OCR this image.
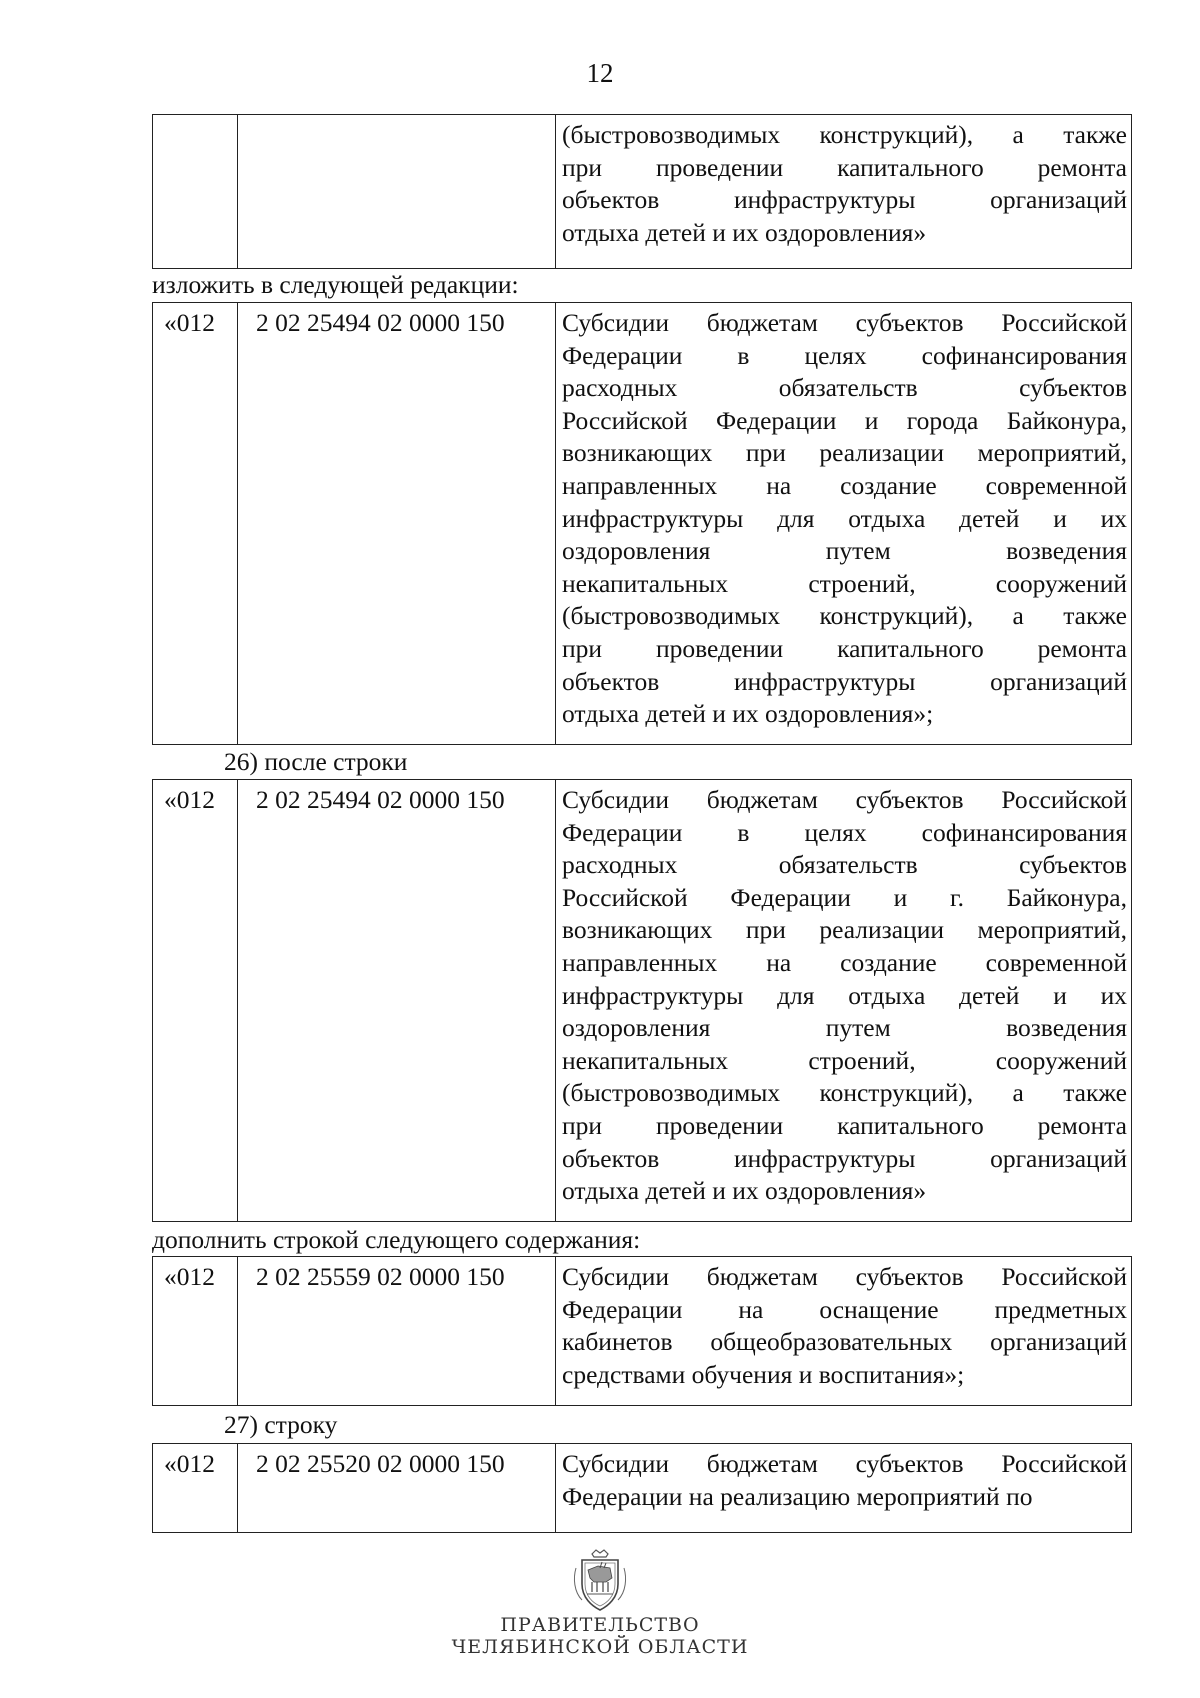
12
(быстровозводимых конструкций), а также
при проведении капитального ремонта
объектов инфраструктуры организаций
отдыха детей и их оздоровления»
изложить в следующей редакции:
«012	2 02 25494 02 0000 150	Субсидии бюджетам субъектов Российской
Федерации в целях софинансирования
расходных обязательств субъектов
Российской Федерации и города Байконура,
возникающих при реализации мероприятий,
направленных на создание современной
инфраструктуры для отдыха детей и их
оздоровления путем возведения
некапитальных строений, сооружений
(быстровозводимых конструкций), а также
при проведении капитального ремонта
объектов инфраструктуры организаций
отдыха детей и их оздоровления»;
26) после строки
«012	2 02 25494 02 0000 150	Субсидии бюджетам субъектов Российской
Федерации в целях софинансирования
расходных обязательств субъектов
Российской Федерации и г. Байконура,
возникающих при реализации мероприятий,
направленных на создание современной
инфраструктуры для отдыха детей и их
оздоровления путем возведения
некапитальных строений, сооружений
(быстровозводимых конструкций), а также
при проведении капитального ремонта
объектов инфраструктуры организаций
отдыха детей и их оздоровления»
дополнить строкой следующего содержания:
«012	2 02 25559 02 0000 150	Субсидии бюджетам субъектов Российской
Федерации на оснащение предметных
кабинетов общеобразовательных организаций
средствами обучения и воспитания»;
27) строку
«012	2 02 25520 02 0000 150	Субсидии бюджетам субъектов Российской
Федерации на реализацию мероприятий по
ПРАВИТЕЛЬСТВО
ЧЕЛЯБИНСКОЙ ОБЛАСТИ
